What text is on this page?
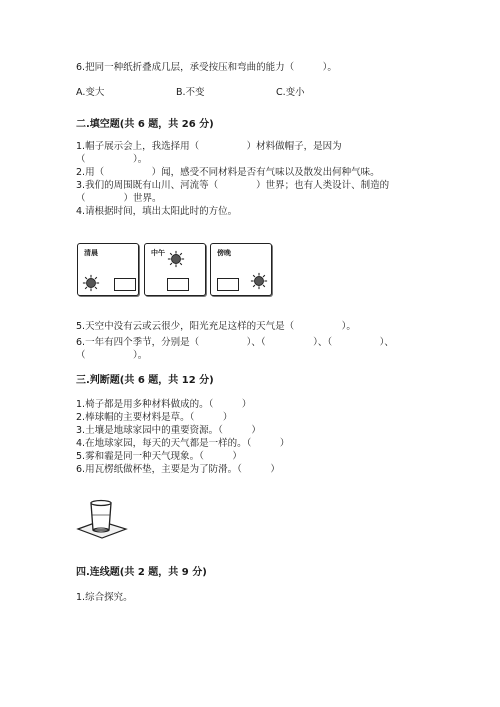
6.把同一种纸折叠成几层，承受按压和弯曲的能力（　　　）。
A.变大	B.不变	C.变小
二.填空题(共 6 题，共 26 分)
1.帽子展示会上，我选择用（　　　　　）材料做帽子，是因为
（　　　　　）。
2.用（　　　　　）闻，感受不同材料是否有气味以及散发出何种气味。
3.我们的周围既有山川、河流等（　　　　）世界；也有人类设计、制造的
（　　　　）世界。
4.请根据时间，填出太阳此时的方位。
清晨	中午	傍晚
5.天空中没有云或云很少，阳光充足这样的天气是（　　　　　）。
6.一年有四个季节，分别是（　　　　　）、（　　　　　）、（　　　　　）、
（　　　　　）。
三.判断题(共 6 题，共 12 分)
1.椅子都是用多种材料做成的。（　　　）
2.棒球帽的主要材料是草。（　　　）
3.土壤是地球家园中的重要资源。（　　　）
4.在地球家园，每天的天气都是一样的。（　　　）
5.雾和霾是同一种天气现象。（　　　）
6.用瓦楞纸做杯垫，主要是为了防滑。（　　　）
四.连线题(共 2 题，共 9 分)
1.综合探究。
